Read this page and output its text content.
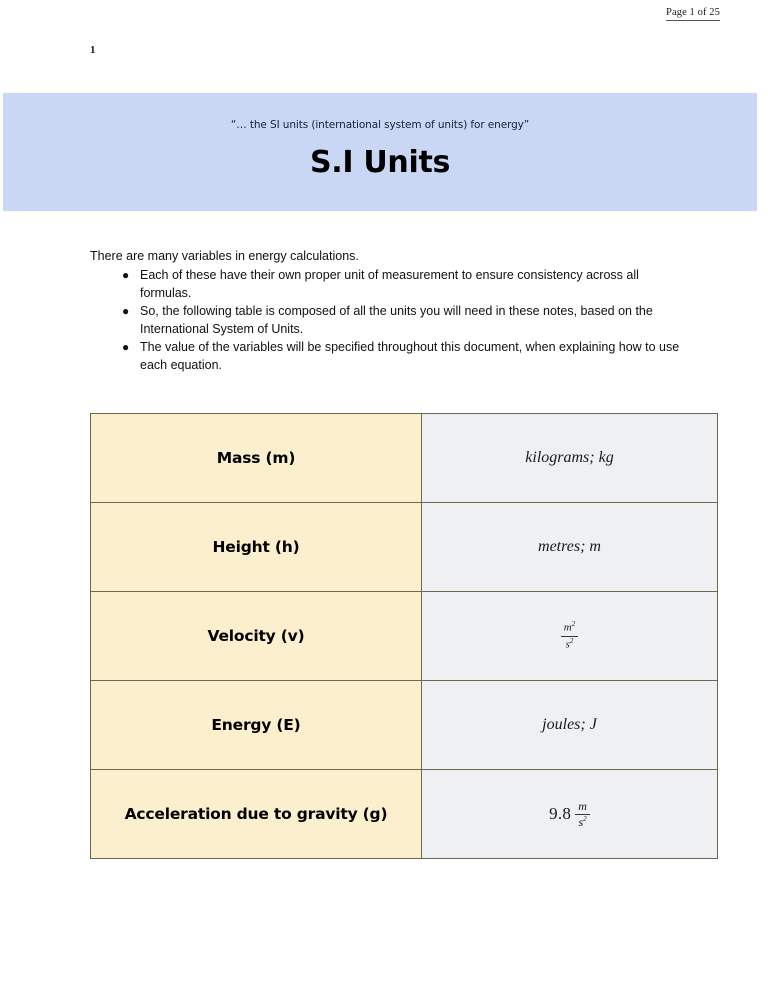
Page 1 of 25
1
“… the SI units (international system of units) for energy”
S.I Units

There are many variables in energy calculations.

● Each of these have their own proper unit of measurement to ensure consistency across all formulas.
● So, the following table is composed of all the units you will need in these notes, based on the International System of Units.
● The value of the variables will be specified throughout this document, when explaining how to use each equation.
Mass (m)	kilograms; kg
Height (h)	metres; m
Velocity (v)	$\frac{m^2}{s^2}$

Energy (E)	joules; J
Acceleration due to gravity (g)	$9.8 \frac{m}{s^2}$
